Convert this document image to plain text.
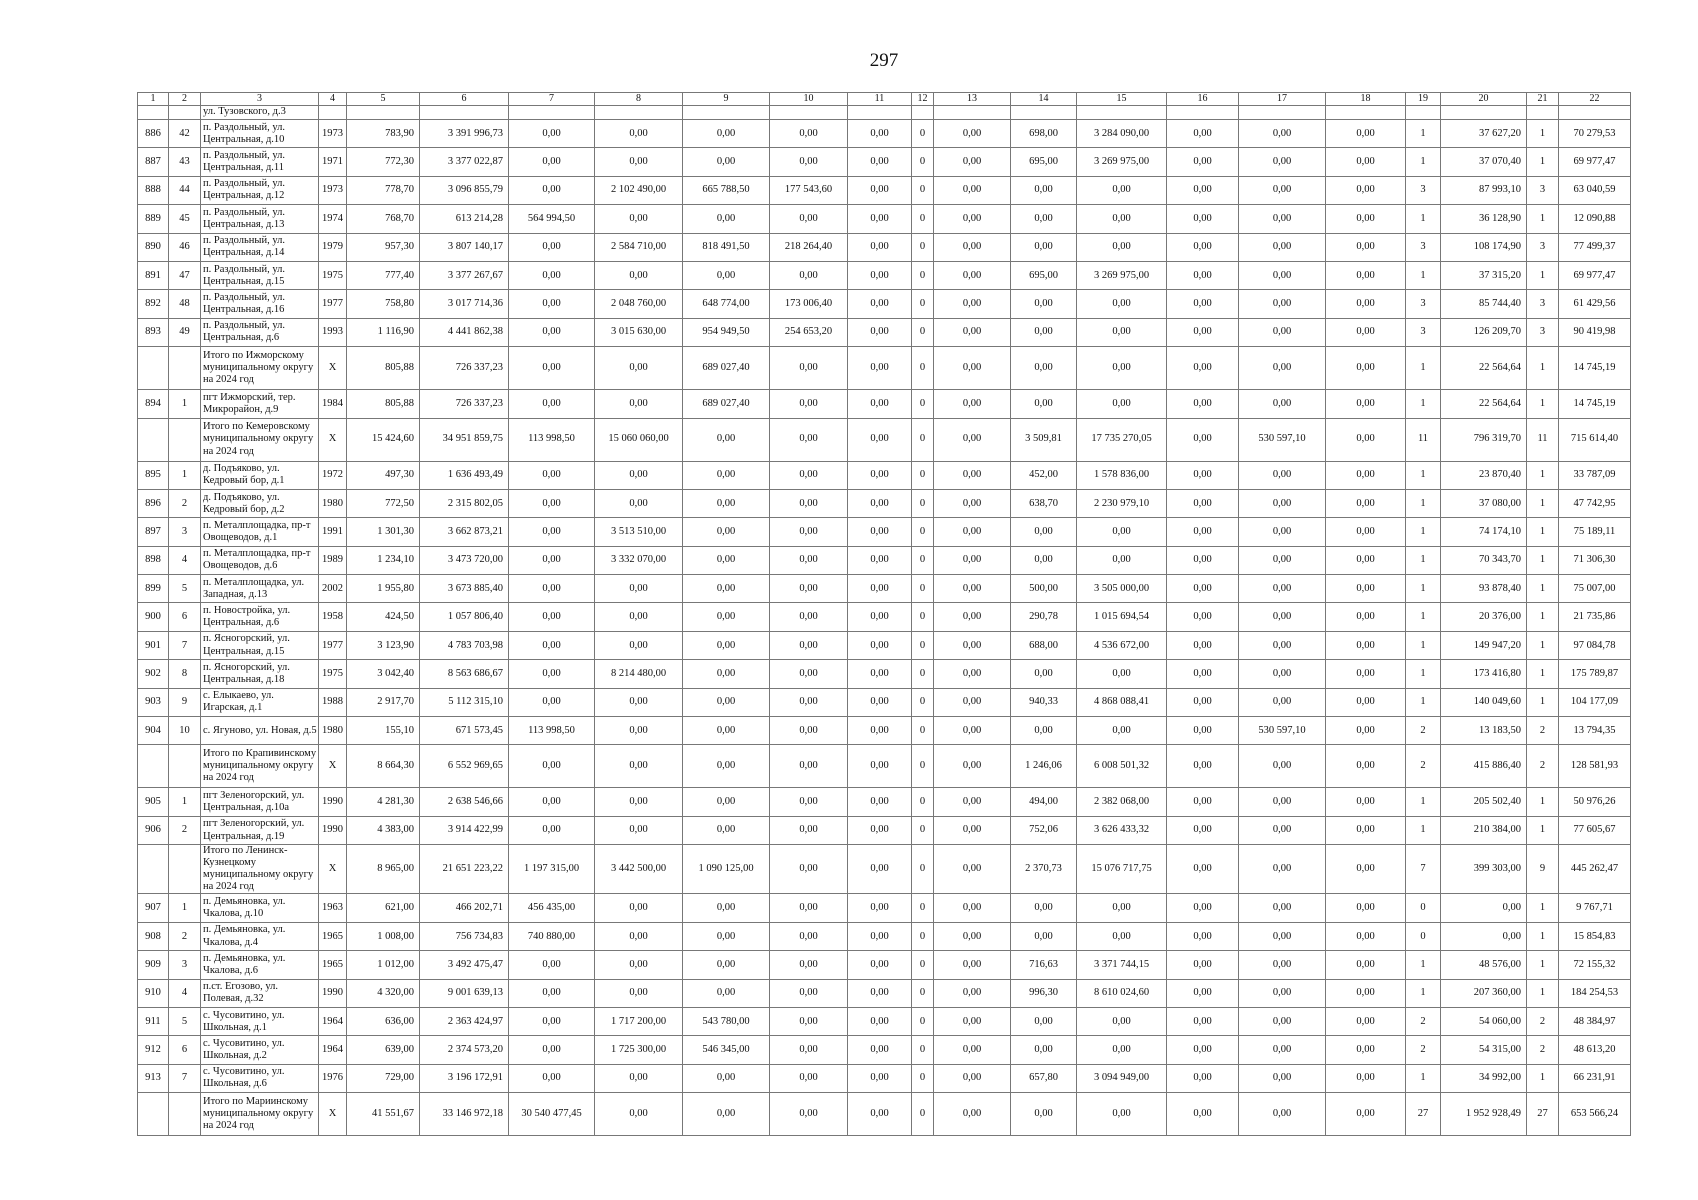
297
1	2	3	4	5	6	7	8	9	10	11	12	13	14	15	16	17	18	19	20	21	22
		ул. Тузовского, д.3																			
886	42	п. Раздольный, ул. Центральная, д.10	1973	783,90	3 391 996,73	0,00	0,00	0,00	0,00	0,00	0	0,00	698,00	3 284 090,00	0,00	0,00	0,00	1	37 627,20	1	70 279,53
887	43	п. Раздольный, ул. Центральная, д.11	1971	772,30	3 377 022,87	0,00	0,00	0,00	0,00	0,00	0	0,00	695,00	3 269 975,00	0,00	0,00	0,00	1	37 070,40	1	69 977,47
888	44	п. Раздольный, ул. Центральная, д.12	1973	778,70	3 096 855,79	0,00	2 102 490,00	665 788,50	177 543,60	0,00	0	0,00	0,00	0,00	0,00	0,00	0,00	3	87 993,10	3	63 040,59
889	45	п. Раздольный, ул. Центральная, д.13	1974	768,70	613 214,28	564 994,50	0,00	0,00	0,00	0,00	0	0,00	0,00	0,00	0,00	0,00	0,00	1	36 128,90	1	12 090,88
890	46	п. Раздольный, ул. Центральная, д.14	1979	957,30	3 807 140,17	0,00	2 584 710,00	818 491,50	218 264,40	0,00	0	0,00	0,00	0,00	0,00	0,00	0,00	3	108 174,90	3	77 499,37
891	47	п. Раздольный, ул. Центральная, д.15	1975	777,40	3 377 267,67	0,00	0,00	0,00	0,00	0,00	0	0,00	695,00	3 269 975,00	0,00	0,00	0,00	1	37 315,20	1	69 977,47
892	48	п. Раздольный, ул. Центральная, д.16	1977	758,80	3 017 714,36	0,00	2 048 760,00	648 774,00	173 006,40	0,00	0	0,00	0,00	0,00	0,00	0,00	0,00	3	85 744,40	3	61 429,56
893	49	п. Раздольный, ул. Центральная, д.6	1993	1 116,90	4 441 862,38	0,00	3 015 630,00	954 949,50	254 653,20	0,00	0	0,00	0,00	0,00	0,00	0,00	0,00	3	126 209,70	3	90 419,98
		Итого по Ижморскому муниципальному округу на 2024 год	X	805,88	726 337,23	0,00	0,00	689 027,40	0,00	0,00	0	0,00	0,00	0,00	0,00	0,00	0,00	1	22 564,64	1	14 745,19
894	1	пгт Ижморский, тер. Микрорайон, д.9	1984	805,88	726 337,23	0,00	0,00	689 027,40	0,00	0,00	0	0,00	0,00	0,00	0,00	0,00	0,00	1	22 564,64	1	14 745,19
		Итого по Кемеровскому муниципальному округу на 2024 год	X	15 424,60	34 951 859,75	113 998,50	15 060 060,00	0,00	0,00	0,00	0	0,00	3 509,81	17 735 270,05	0,00	530 597,10	0,00	11	796 319,70	11	715 614,40
895	1	д. Подъяково, ул. Кедровый бор, д.1	1972	497,30	1 636 493,49	0,00	0,00	0,00	0,00	0,00	0	0,00	452,00	1 578 836,00	0,00	0,00	0,00	1	23 870,40	1	33 787,09
896	2	д. Подъяково, ул. Кедровый бор, д.2	1980	772,50	2 315 802,05	0,00	0,00	0,00	0,00	0,00	0	0,00	638,70	2 230 979,10	0,00	0,00	0,00	1	37 080,00	1	47 742,95
897	3	п. Металплощадка, пр-т Овощеводов, д.1	1991	1 301,30	3 662 873,21	0,00	3 513 510,00	0,00	0,00	0,00	0	0,00	0,00	0,00	0,00	0,00	0,00	1	74 174,10	1	75 189,11
898	4	п. Металплощадка, пр-т Овощеводов, д.6	1989	1 234,10	3 473 720,00	0,00	3 332 070,00	0,00	0,00	0,00	0	0,00	0,00	0,00	0,00	0,00	0,00	1	70 343,70	1	71 306,30
899	5	п. Металплощадка, ул. Западная, д.13	2002	1 955,80	3 673 885,40	0,00	0,00	0,00	0,00	0,00	0	0,00	500,00	3 505 000,00	0,00	0,00	0,00	1	93 878,40	1	75 007,00
900	6	п. Новостройка, ул. Центральная, д.6	1958	424,50	1 057 806,40	0,00	0,00	0,00	0,00	0,00	0	0,00	290,78	1 015 694,54	0,00	0,00	0,00	1	20 376,00	1	21 735,86
901	7	п. Ясногорский, ул. Центральная, д.15	1977	3 123,90	4 783 703,98	0,00	0,00	0,00	0,00	0,00	0	0,00	688,00	4 536 672,00	0,00	0,00	0,00	1	149 947,20	1	97 084,78
902	8	п. Ясногорский, ул. Центральная, д.18	1975	3 042,40	8 563 686,67	0,00	8 214 480,00	0,00	0,00	0,00	0	0,00	0,00	0,00	0,00	0,00	0,00	1	173 416,80	1	175 789,87
903	9	с. Елыкаево, ул. Игарская, д.1	1988	2 917,70	5 112 315,10	0,00	0,00	0,00	0,00	0,00	0	0,00	940,33	4 868 088,41	0,00	0,00	0,00	1	140 049,60	1	104 177,09
904	10	с. Ягуново, ул. Новая, д.5	1980	155,10	671 573,45	113 998,50	0,00	0,00	0,00	0,00	0	0,00	0,00	0,00	0,00	530 597,10	0,00	2	13 183,50	2	13 794,35
		Итого по Крапивинскому муниципальному округу на 2024 год	X	8 664,30	6 552 969,65	0,00	0,00	0,00	0,00	0,00	0	0,00	1 246,06	6 008 501,32	0,00	0,00	0,00	2	415 886,40	2	128 581,93
905	1	пгт Зеленогорский, ул. Центральная, д.10а	1990	4 281,30	2 638 546,66	0,00	0,00	0,00	0,00	0,00	0	0,00	494,00	2 382 068,00	0,00	0,00	0,00	1	205 502,40	1	50 976,26
906	2	пгт Зеленогорский, ул. Центральная, д.19	1990	4 383,00	3 914 422,99	0,00	0,00	0,00	0,00	0,00	0	0,00	752,06	3 626 433,32	0,00	0,00	0,00	1	210 384,00	1	77 605,67
		Итого по Ленинск-Кузнецкому муниципальному округу на 2024 год	X	8 965,00	21 651 223,22	1 197 315,00	3 442 500,00	1 090 125,00	0,00	0,00	0	0,00	2 370,73	15 076 717,75	0,00	0,00	0,00	7	399 303,00	9	445 262,47
907	1	п. Демьяновка, ул. Чкалова, д.10	1963	621,00	466 202,71	456 435,00	0,00	0,00	0,00	0,00	0	0,00	0,00	0,00	0,00	0,00	0,00	0	0,00	1	9 767,71
908	2	п. Демьяновка, ул. Чкалова, д.4	1965	1 008,00	756 734,83	740 880,00	0,00	0,00	0,00	0,00	0	0,00	0,00	0,00	0,00	0,00	0,00	0	0,00	1	15 854,83
909	3	п. Демьяновка, ул. Чкалова, д.6	1965	1 012,00	3 492 475,47	0,00	0,00	0,00	0,00	0,00	0	0,00	716,63	3 371 744,15	0,00	0,00	0,00	1	48 576,00	1	72 155,32
910	4	п.ст. Егозово, ул. Полевая, д.32	1990	4 320,00	9 001 639,13	0,00	0,00	0,00	0,00	0,00	0	0,00	996,30	8 610 024,60	0,00	0,00	0,00	1	207 360,00	1	184 254,53
911	5	с. Чусовитино, ул. Школьная, д.1	1964	636,00	2 363 424,97	0,00	1 717 200,00	543 780,00	0,00	0,00	0	0,00	0,00	0,00	0,00	0,00	0,00	2	54 060,00	2	48 384,97
912	6	с. Чусовитино, ул. Школьная, д.2	1964	639,00	2 374 573,20	0,00	1 725 300,00	546 345,00	0,00	0,00	0	0,00	0,00	0,00	0,00	0,00	0,00	2	54 315,00	2	48 613,20
913	7	с. Чусовитино, ул. Школьная, д.6	1976	729,00	3 196 172,91	0,00	0,00	0,00	0,00	0,00	0	0,00	657,80	3 094 949,00	0,00	0,00	0,00	1	34 992,00	1	66 231,91
		Итого по Мариинскому муниципальному округу на 2024 год	X	41 551,67	33 146 972,18	30 540 477,45	0,00	0,00	0,00	0,00	0	0,00	0,00	0,00	0,00	0,00	0,00	27	1 952 928,49	27	653 566,24
